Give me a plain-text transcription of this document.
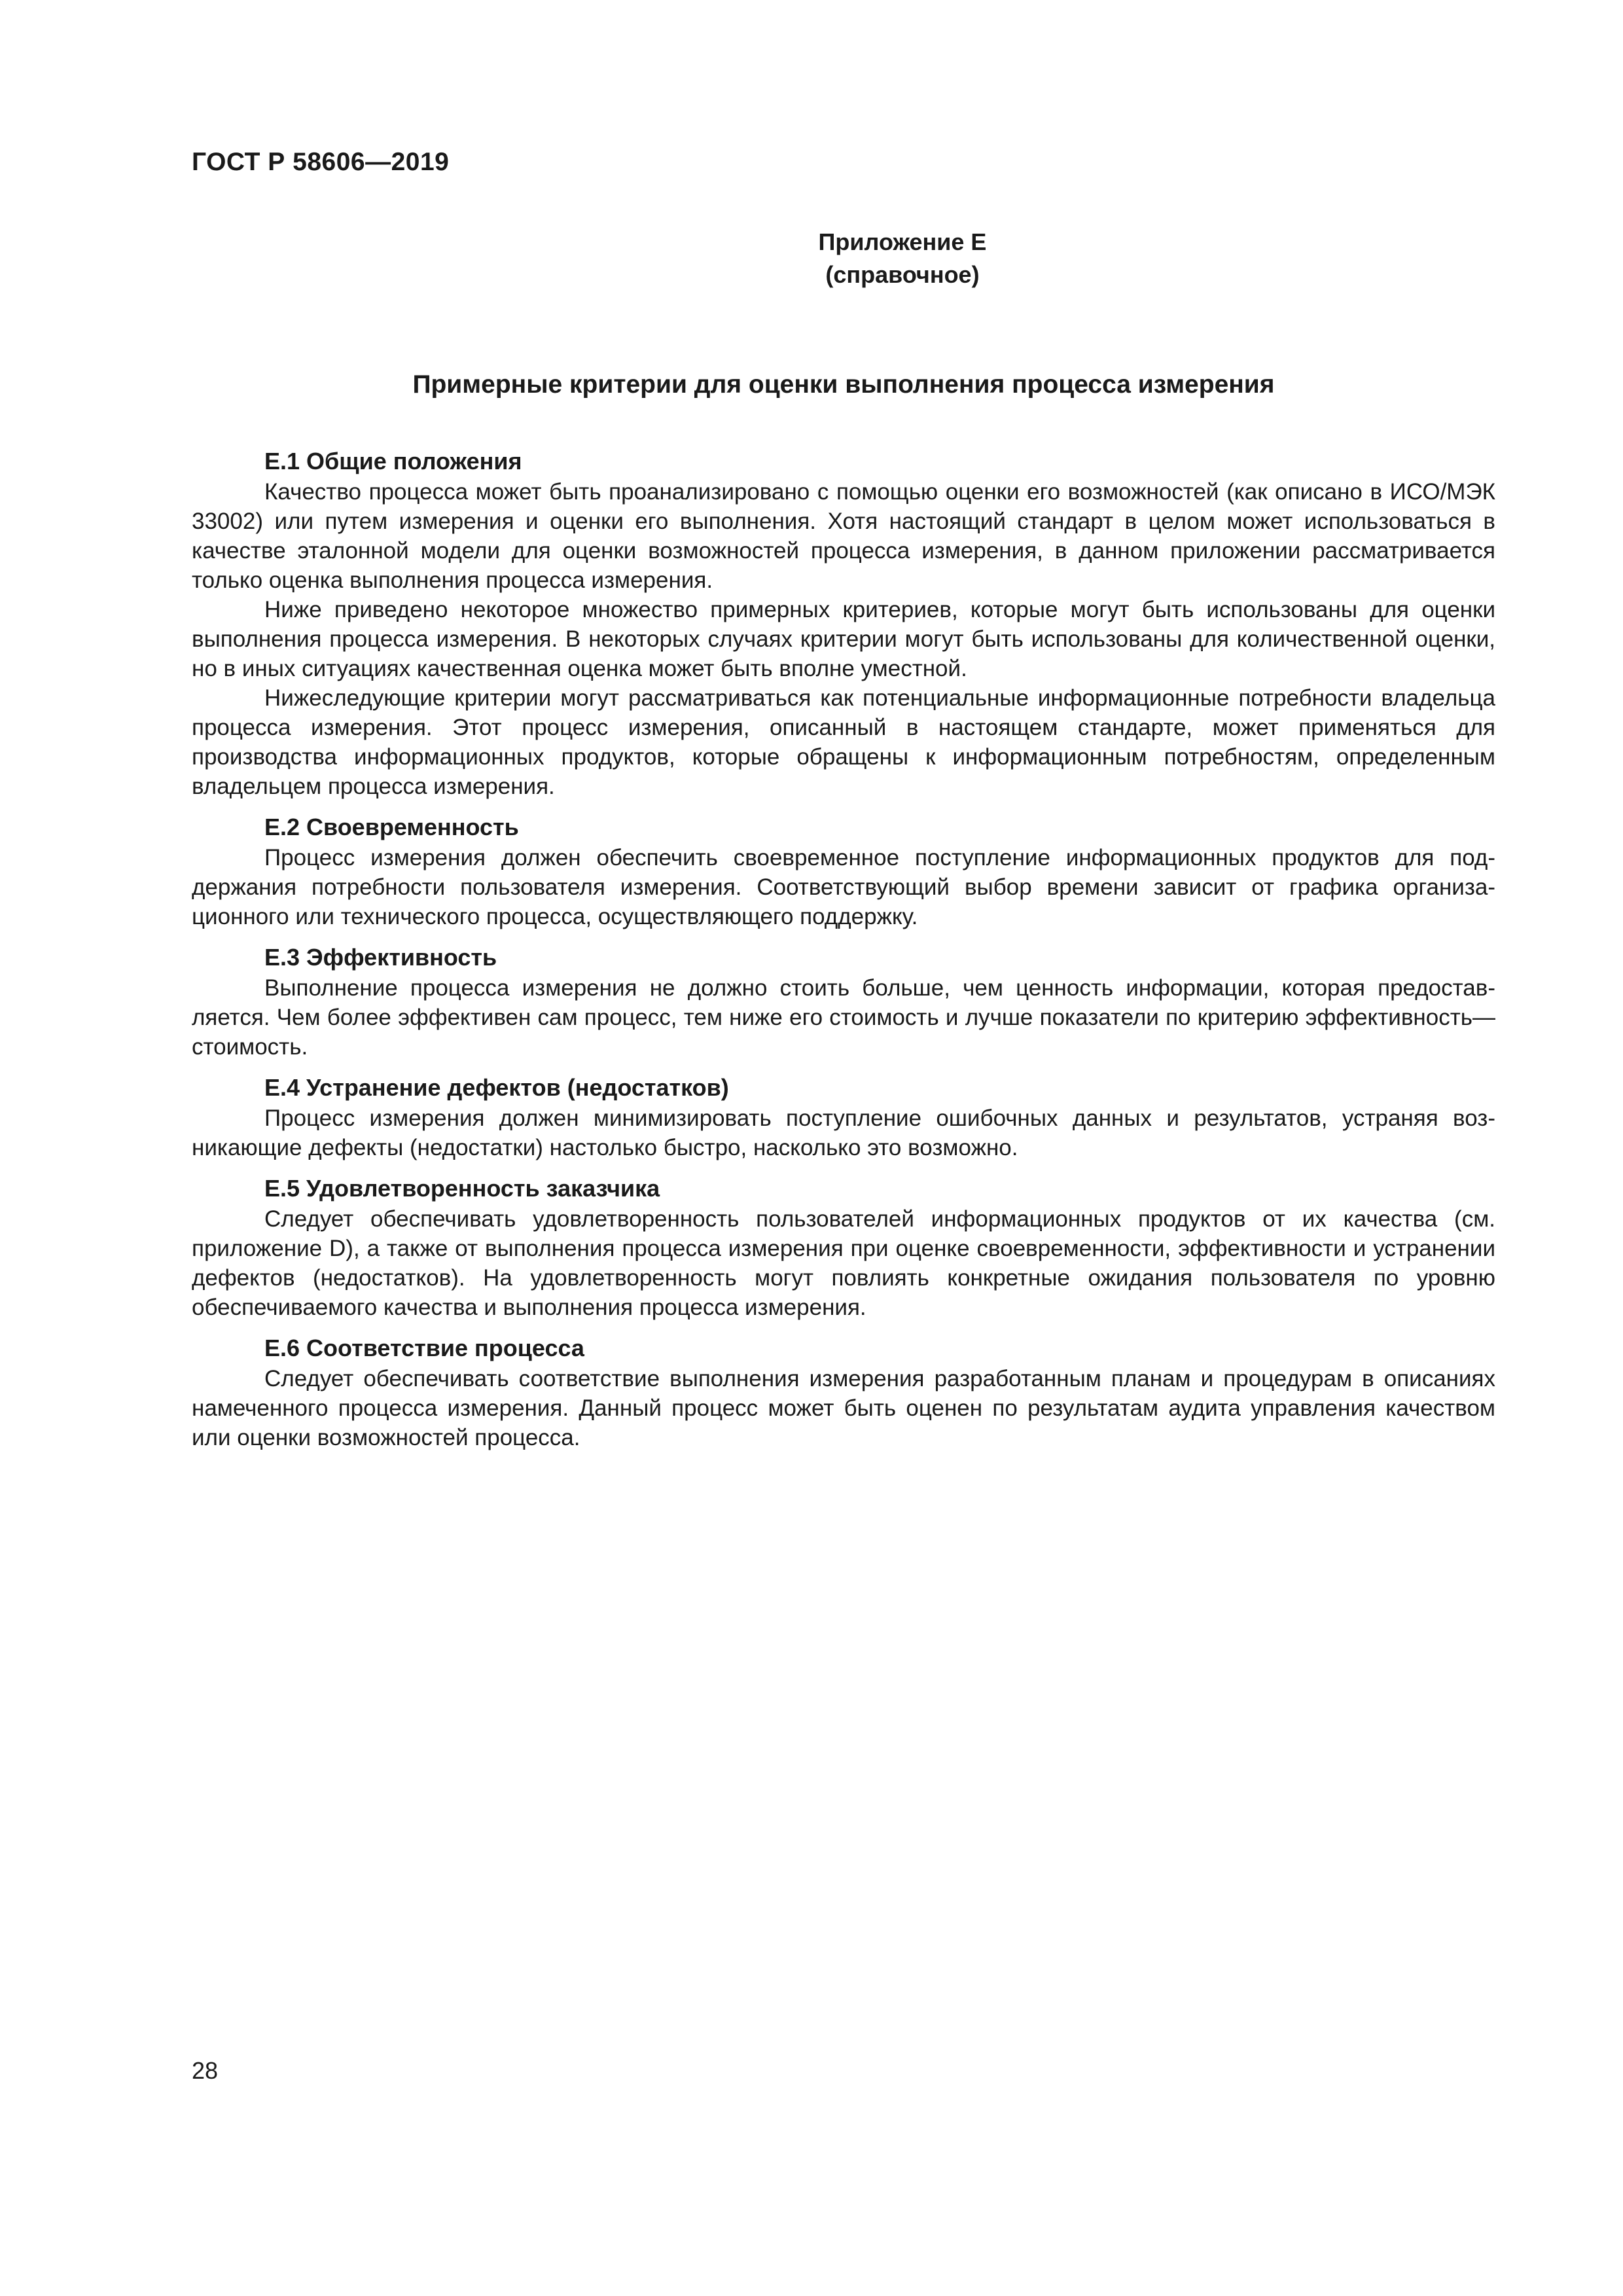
ГОСТ Р 58606—2019
Приложение Е
(справочное)
Примерные критерии для оценки выполнения процесса измерения

Е.1 Общие положения

Качество процесса может быть проанализировано с помощью оценки его возможностей (как описано в ИСО/МЭК 33002) или путем измерения и оценки его выполнения. Хотя настоящий стандарт в целом может использоваться в качестве эталонной модели для оценки возможностей процесса измерения, в данном приложении рассматривается только оценка выполнения процесса измерения.

Ниже приведено некоторое множество примерных критериев, которые могут быть использованы для оценки выполнения процесса измерения. В некоторых случаях критерии могут быть использованы для количественной оценки, но в иных ситуациях качественная оценка может быть вполне уместной.

Нижеследующие критерии могут рассматриваться как потенциальные информационные потребности владельца процесса измерения. Этот процесс измерения, описанный в настоящем стандарте, может применяться для производства информационных продуктов, которые обращены к информационным потребностям, определенным владельцем процесса измерения.

Е.2 Своевременность

Процесс измерения должен обеспечить своевременное поступление информационных продуктов для поддержания потребности пользователя измерения. Соответствующий выбор времени зависит от графика организационного или технического процесса, осуществляющего поддержку.

Е.3 Эффективность

Выполнение процесса измерения не должно стоить больше, чем ценность информации, которая предоставляется. Чем более эффективен сам процесс, тем ниже его стоимость и лучше показатели по критерию эффективность—стоимость.

Е.4 Устранение дефектов (недостатков)

Процесс измерения должен минимизировать поступление ошибочных данных и результатов, устраняя возникающие дефекты (недостатки) настолько быстро, насколько это возможно.

Е.5 Удовлетворенность заказчика

Следует обеспечивать удовлетворенность пользователей информационных продуктов от их качества (см. приложение D), а также от выполнения процесса измерения при оценке своевременности, эффективности и устранении дефектов (недостатков). На удовлетворенность могут повлиять конкретные ожидания пользователя по уровню обеспечиваемого качества и выполнения процесса измерения.

Е.6 Соответствие процесса

Следует обеспечивать соответствие выполнения измерения разработанным планам и процедурам в описаниях намеченного процесса измерения. Данный процесс может быть оценен по результатам аудита управления качеством или оценки возможностей процесса.

28
